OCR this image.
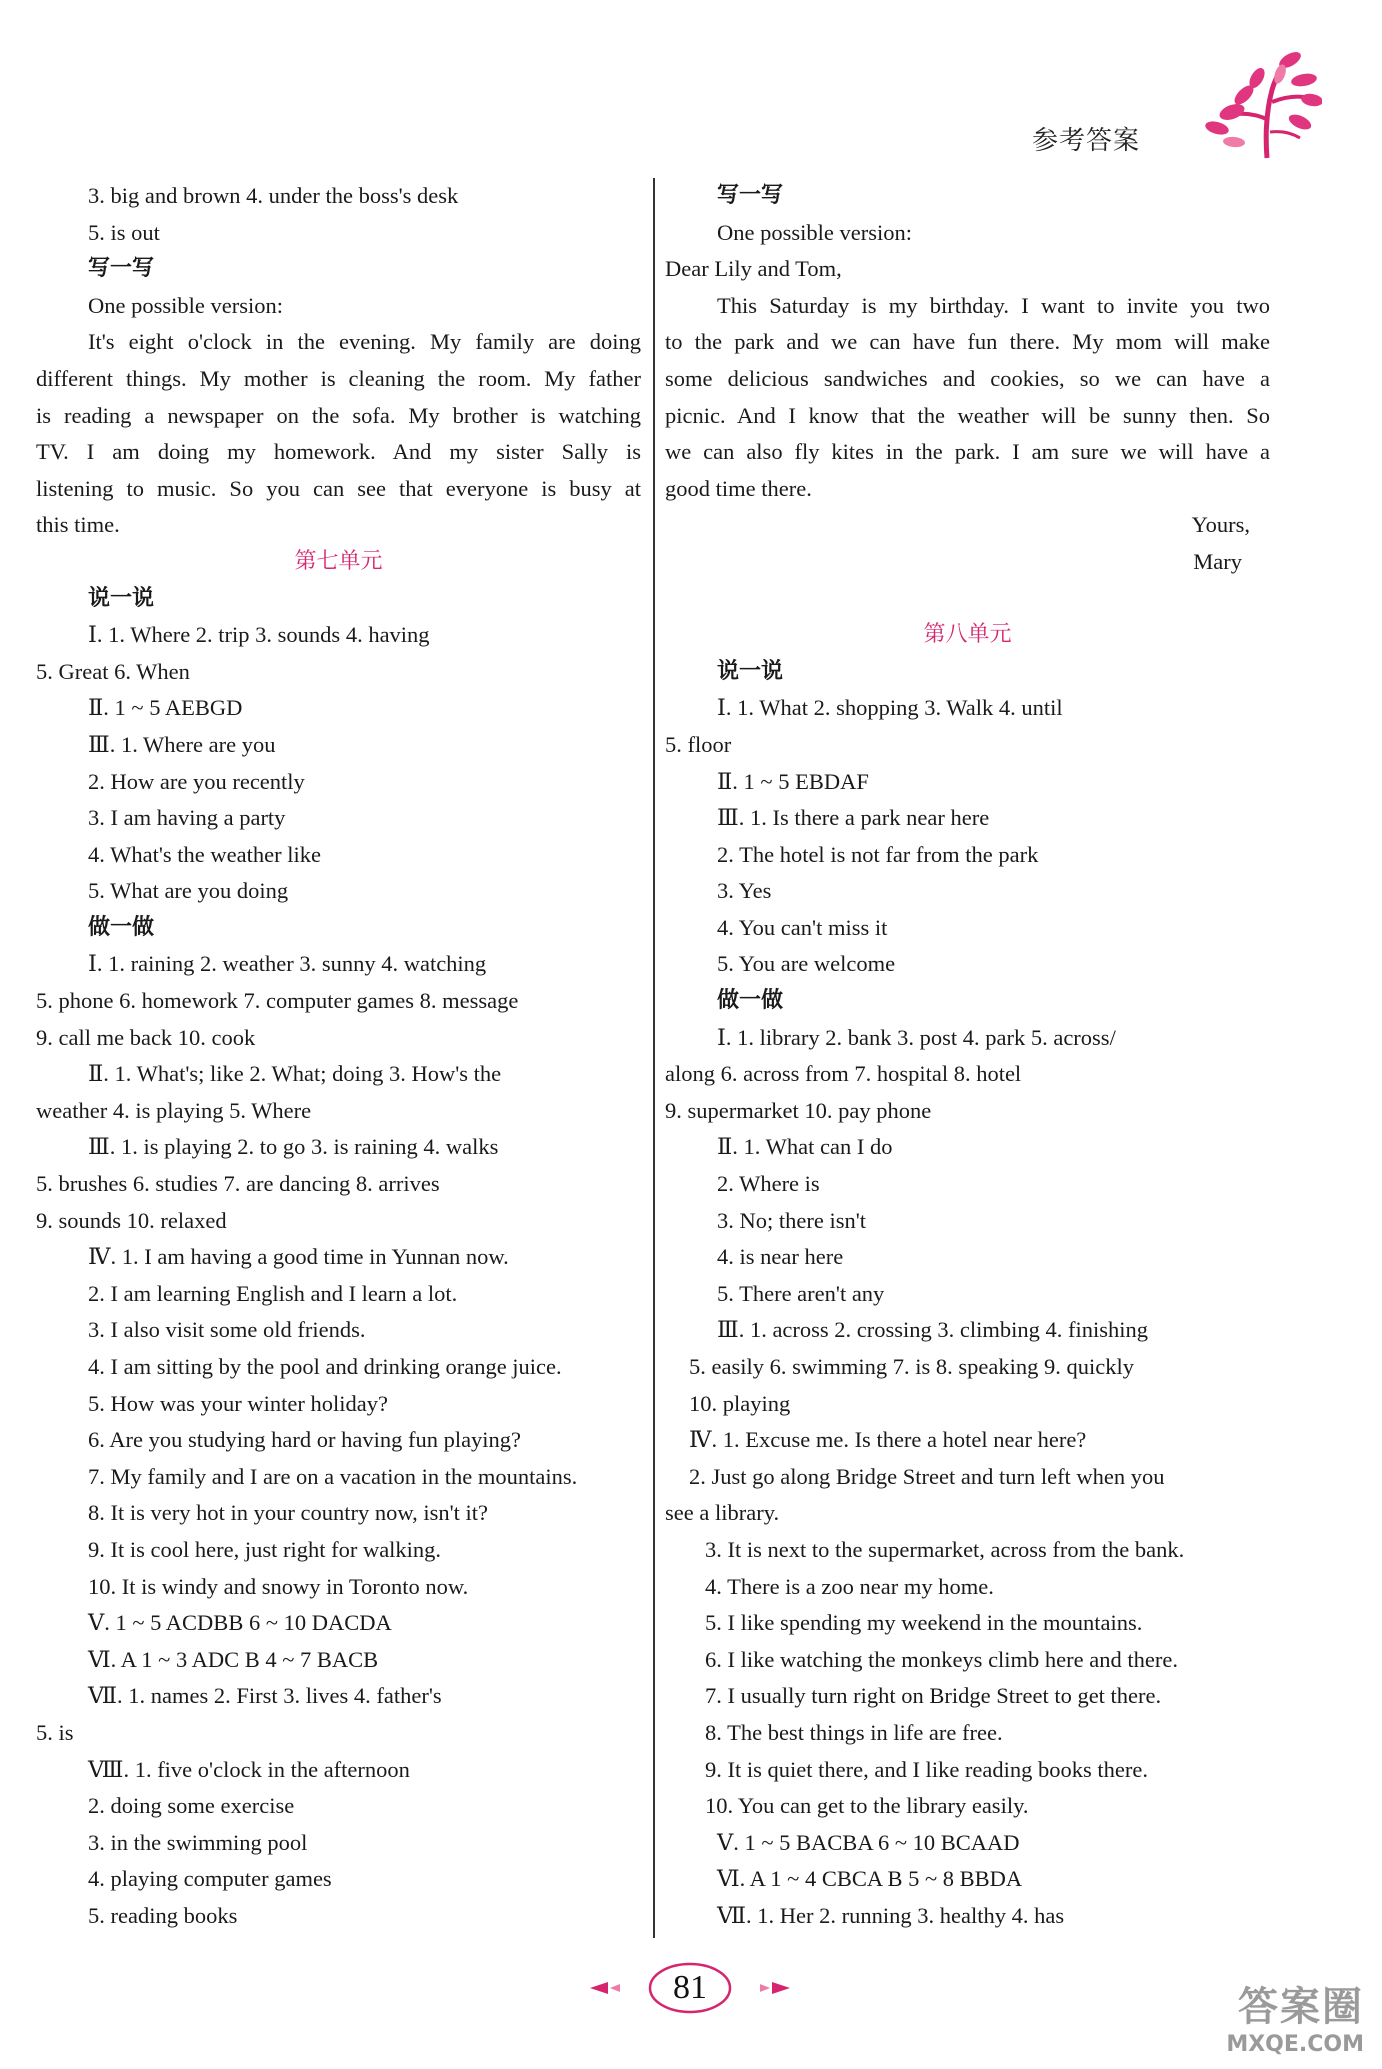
参考答案
3. big and brown 4. under the boss's desk
5. is out
写一写
One possible version:
It's eight o'clock in the evening. My family are doing
different things. My mother is cleaning the room. My father
is reading a newspaper on the sofa. My brother is watching
TV. I am doing my homework. And my sister Sally is
listening to music. So you can see that everyone is busy at
this time.
第七单元
说一说
Ⅰ. 1. Where 2. trip 3. sounds 4. having
5. Great 6. When
Ⅱ. 1 ~ 5 AEBGD
Ⅲ. 1. Where are you
2. How are you recently
3. I am having a party
4. What's the weather like
5. What are you doing
做一做
Ⅰ. 1. raining 2. weather 3. sunny 4. watching
5. phone 6. homework 7. computer games 8. message
9. call me back 10. cook
Ⅱ. 1. What's; like 2. What; doing 3. How's the
weather 4. is playing 5. Where
Ⅲ. 1. is playing 2. to go 3. is raining 4. walks
5. brushes 6. studies 7. are dancing 8. arrives
9. sounds 10. relaxed
Ⅳ. 1. I am having a good time in Yunnan now.
2. I am learning English and I learn a lot.
3. I also visit some old friends.
4. I am sitting by the pool and drinking orange juice.
5. How was your winter holiday?
6. Are you studying hard or having fun playing?
7. My family and I are on a vacation in the mountains.
8. It is very hot in your country now, isn't it?
9. It is cool here, just right for walking.
10. It is windy and snowy in Toronto now.
Ⅴ. 1 ~ 5 ACDBB 6 ~ 10 DACDA
Ⅵ. A 1 ~ 3 ADC B 4 ~ 7 BACB
Ⅶ. 1. names 2. First 3. lives 4. father's
5. is
Ⅷ. 1. five o'clock in the afternoon
2. doing some exercise
3. in the swimming pool
4. playing computer games
5. reading books
写一写
One possible version:
Dear Lily and Tom,
This Saturday is my birthday. I want to invite you two
to the park and we can have fun there. My mom will make
some delicious sandwiches and cookies, so we can have a
picnic. And I know that the weather will be sunny then. So
we can also fly kites in the park. I am sure we will have a
good time there.
Yours,
Mary
第八单元
说一说
Ⅰ. 1. What 2. shopping 3. Walk 4. until
5. floor
Ⅱ. 1 ~ 5 EBDAF
Ⅲ. 1. Is there a park near here
2. The hotel is not far from the park
3. Yes
4. You can't miss it
5. You are welcome
做一做
Ⅰ. 1. library 2. bank 3. post 4. park 5. across/
along 6. across from 7. hospital 8. hotel
9. supermarket 10. pay phone
Ⅱ. 1. What can I do
2. Where is
3. No; there isn't
4. is near here
5. There aren't any
Ⅲ. 1. across 2. crossing 3. climbing 4. finishing
5. easily 6. swimming 7. is 8. speaking 9. quickly
10. playing
Ⅳ. 1. Excuse me. Is there a hotel near here?
2. Just go along Bridge Street and turn left when you
see a library.
3. It is next to the supermarket, across from the bank.
4. There is a zoo near my home.
5. I like spending my weekend in the mountains.
6. I like watching the monkeys climb here and there.
7. I usually turn right on Bridge Street to get there.
8. The best things in life are free.
9. It is quiet there, and I like reading books there.
10. You can get to the library easily.
Ⅴ. 1 ~ 5 BACBA 6 ~ 10 BCAAD
Ⅵ. A 1 ~ 4 CBCA B 5 ~ 8 BBDA
Ⅶ. 1. Her 2. running 3. healthy 4. has
81	答案圈
MXQE.COM
